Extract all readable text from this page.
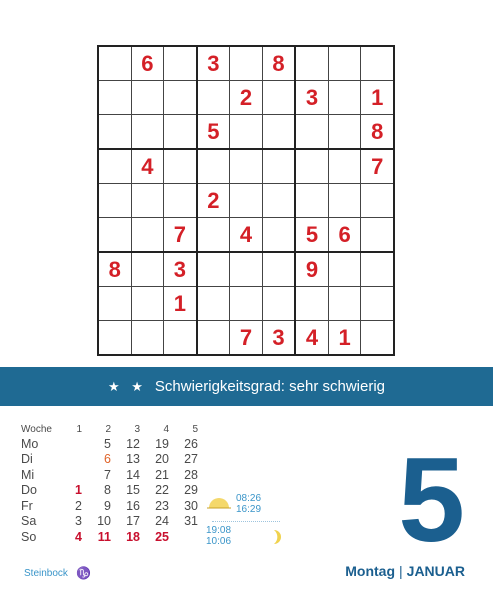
	6		3		8			
				2		3		1
			5					8
	4							7
			2					
		7		4		5	6	
8		3				9		
		1						
				7	3	4	1	
★ ★ Schwierigkeitsgrad: sehr schwierig
Woche	1	2	3	4	5
Mo		5	12	19	26
Di		6	13	20	27
Mi		7	14	21	28
Do	1	8	15	22	29
Fr	2	9	16	23	30
Sa	3	10	17	24	31
So	4	11	18	25	
08:26
16:29
19:08
10:06 5
Montag | JANUAR
Steinbock ♑
